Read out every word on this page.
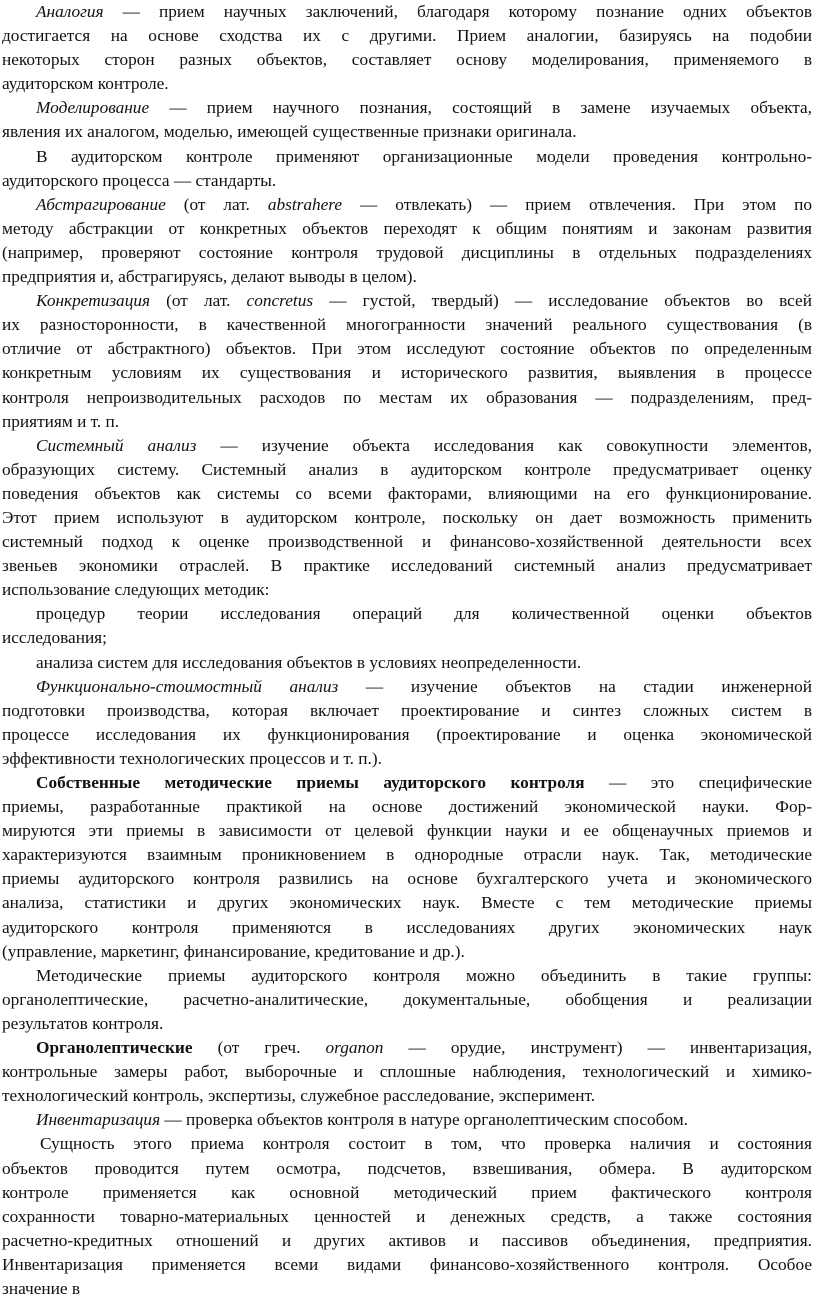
Аналогия — прием научных заключений, благодаря которому познание одних объектов

достигается на основе сходства их с другими. Прием аналогии, базируясь на подобии

некоторых сторон разных объектов, составляет основу моделирования, применяемого в

аудиторском контроле.

Моделирование — прием научного познания, состоящий в замене изучаемых объекта,

явления их аналогом, моделью, имеющей существенные признаки оригинала.

В аудиторском контроле применяют организационные модели проведения контрольно-

аудиторского процесса — стандарты.

Абстрагирование (от лат. abstrahere — отвлекать) — прием отвлечения. При этом по

методу абстракции от конкретных объектов переходят к общим понятиям и законам развития

(например, проверяют состояние контроля трудовой дисциплины в отдельных подразделениях

предприятия и, абстрагируясь, делают выводы в целом).

Конкретизация (от лат. concretus — густой, твердый) — исследование объектов во всей

их разносторонности, в качественной многогранности значений реального существования (в

отличие от абстрактного) объектов. При этом исследуют состояние объектов по определенным

конкретным условиям их существования и исторического развития, выявления в процессе

контроля непроизводительных расходов по местам их образования — подразделениям, пред-

приятиям и т. п.

Системный анализ — изучение объекта исследования как совокупности элементов,

образующих систему. Системный анализ в аудиторском контроле предусматривает оценку

поведения объектов как системы со всеми факторами, влияющими на его функционирование.

Этот прием используют в аудиторском контроле, поскольку он дает возможность применить

системный подход к оценке производственной и финансово-хозяйственной деятельности всех

звеньев экономики отраслей. В практике исследований системный анализ предусматривает

использование следующих методик:

процедур теории исследования операций для количественной оценки объектов

исследования;

анализа систем для исследования объектов в условиях неопределенности.

Функционально-стоимостный анализ — изучение объектов на стадии инженерной

подготовки производства, которая включает проектирование и синтез сложных систем в

процессе исследования их функционирования (проектирование и оценка экономической

эффективности технологических процессов и т. п.).

Собственные методические приемы аудиторского контроля — это специфические

приемы, разработанные практикой на основе достижений экономической науки. Фор-

мируются эти приемы в зависимости от целевой функции науки и ее общенаучных приемов и

характеризуются взаимным проникновением в однородные отрасли наук. Так, методические

приемы аудиторского контроля развились на основе бухгалтерского учета и экономического

анализа, статистики и других экономических наук. Вместе с тем методические приемы

аудиторского контроля применяются в исследованиях других экономических наук

(управление, маркетинг, финансирование, кредитование и др.).

Методические приемы аудиторского контроля можно объединить в такие группы:

органолептические, расчетно-аналитические, документальные, обобщения и реализации

результатов контроля.

Органолептические (от греч. organon — орудие, инструмент) — инвентаризация,

контрольные замеры работ, выборочные и сплошные наблюдения, технологический и химико-

технологический контроль, экспертизы, служебное расследование, эксперимент.

Инвентаризация — проверка объектов контроля в натуре органолептическим способом.

Сущность этого приема контроля состоит в том, что проверка наличия и состояния

объектов проводится путем осмотра, подсчетов, взвешивания, обмера. В аудиторском

контроле применяется как основной методический прием фактического контроля

сохранности товарно-материальных ценностей и денежных средств, а также состояния

расчетно-кредитных отношений и других активов и пассивов объединения, предприятия.

Инвентаризация применяется всеми видами финансово-хозяйственного контроля. Особое

значение в
